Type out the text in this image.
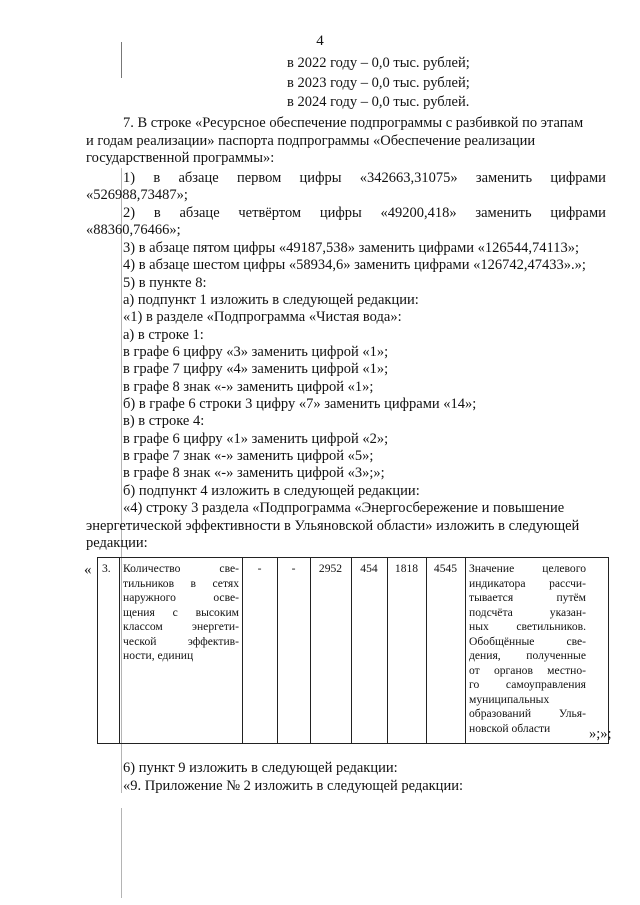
4
в 2022 году – 0,0 тыс. рублей;
в 2023 году – 0,0 тыс. рублей;
в 2024 году – 0,0 тыс. рублей.
7. В строке «Ресурсное обеспечение подпрограммы с разбивкой по этапам
и годам реализации» паспорта подпрограммы «Обеспечение реализации
государственной программы»:
1) в абзаце первом цифры «342663,31075» заменить цифрами
«526988,73487»;
2) в абзаце четвёртом цифры «49200,418» заменить цифрами
«88360,76466»;
3) в абзаце пятом цифры «49187,538» заменить цифрами «126544,74113»;
4) в абзаце шестом цифры «58934,6» заменить цифрами «126742,47433».»;
5) в пункте 8:
а) подпункт 1 изложить в следующей редакции:
«1) в разделе «Подпрограмма «Чистая вода»:
а) в строке 1:
в графе 6 цифру «3» заменить цифрой «1»;
в графе 7 цифру «4» заменить цифрой «1»;
в графе 8 знак «-» заменить цифрой «1»;
б) в графе 6 строки 3 цифру «7» заменить цифрами «14»;
в) в строке 4:
в графе 6 цифру «1» заменить цифрой «2»;
в графе 7 знак «-» заменить цифрой «5»;
в графе 8 знак «-» заменить цифрой «3»;»;
б) подпункт 4 изложить в следующей редакции:
«4) строку 3 раздела «Подпрограмма «Энергосбережение и повышение
энергетической эффективности в Ульяновской области» изложить в следующей
редакции:
« 3. Количество све-
тильников в сетях
наружного осве-
щения с высоким
классом энергети-
ческой эффектив-
ности, единиц
-	-	2952	454	1818	4545	Значение целевого
индикатора рассчи-
тывается путём
подсчёта указан-
ных светильников.
Обобщённые све-
дения, полученные
от органов местно-
го самоуправления
муниципальных
образований Улья-
новской области	»;»;
6) пункт 9 изложить в следующей редакции:
«9. Приложение № 2 изложить в следующей редакции:
